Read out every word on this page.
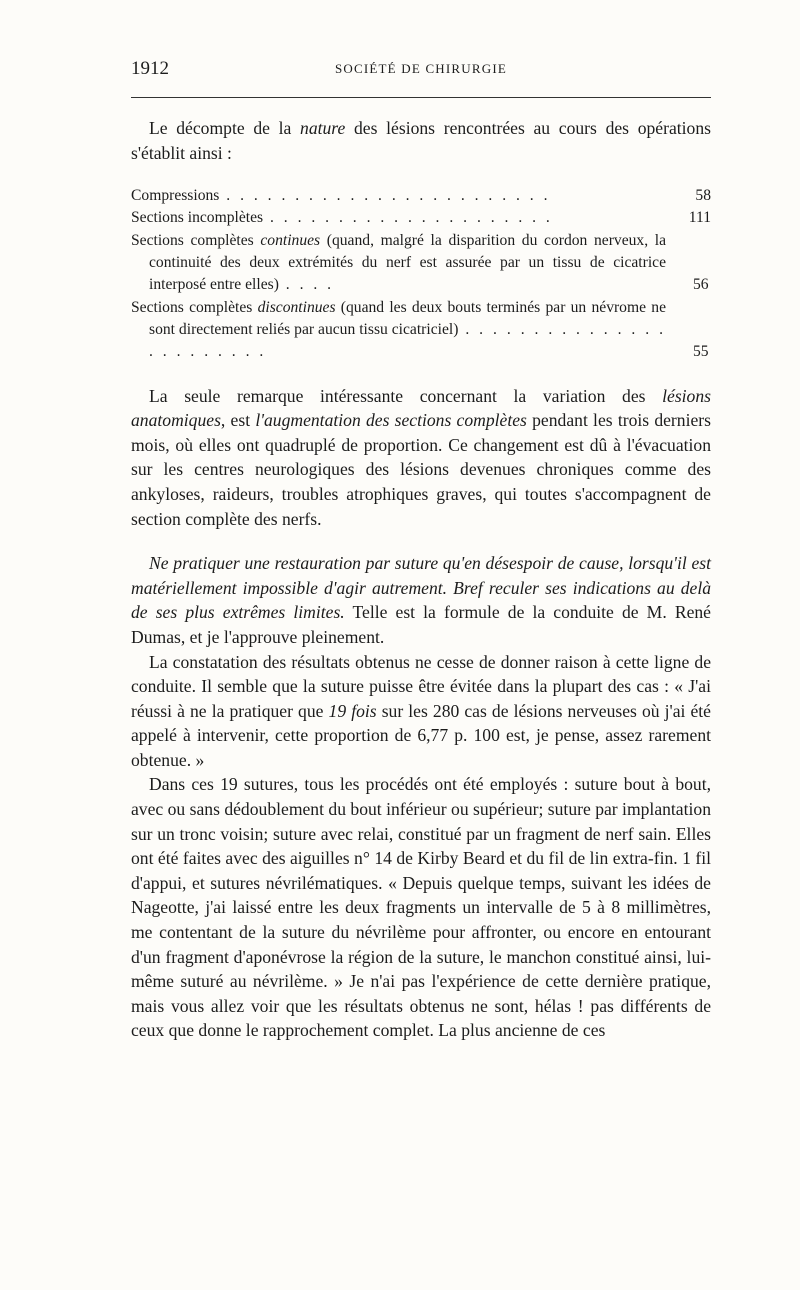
1912	SOCIÉTÉ DE CHIRURGIE

Le décompte de la nature des lésions rencontrées au cours des opérations s'établit ainsi :

Compressions . . . . . . . . . . . . . . . . . . . . . . . .	58
Sections incomplètes . . . . . . . . . . . . . . . . . . . . .	111
Sections complètes continues (quand, malgré la disparition du cordon nerveux, la continuité des deux extrémités du nerf est assurée par un tissu de cicatrice interposé entre elles) . . . .	56
Sections complètes discontinues (quand les deux bouts terminés par un névrome ne sont directement reliés par aucun tissu cicatriciel) . . . . . . . . . . . . . . . . . . . . . . . .	55

La seule remarque intéressante concernant la variation des lésions anatomiques, est l'augmentation des sections complètes pendant les trois derniers mois, où elles ont quadruplé de proportion. Ce changement est dû à l'évacuation sur les centres neurologiques des lésions devenues chroniques comme des ankyloses, raideurs, troubles atrophiques graves, qui toutes s'accompagnent de section complète des nerfs.

Ne pratiquer une restauration par suture qu'en désespoir de cause, lorsqu'il est matériellement impossible d'agir autrement. Bref reculer ses indications au delà de ses plus extrêmes limites. Telle est la formule de la conduite de M. René Dumas, et je l'approuve pleinement.

La constatation des résultats obtenus ne cesse de donner raison à cette ligne de conduite. Il semble que la suture puisse être évitée dans la plupart des cas : « J'ai réussi à ne la pratiquer que 19 fois sur les 280 cas de lésions nerveuses où j'ai été appelé à intervenir, cette proportion de 6,77 p. 100 est, je pense, assez rarement obtenue. »

Dans ces 19 sutures, tous les procédés ont été employés : suture bout à bout, avec ou sans dédoublement du bout inférieur ou supérieur; suture par implantation sur un tronc voisin; suture avec relai, constitué par un fragment de nerf sain. Elles ont été faites avec des aiguilles n° 14 de Kirby Beard et du fil de lin extra-fin. 1 fil d'appui, et sutures névrilématiques. « Depuis quelque temps, suivant les idées de Nageotte, j'ai laissé entre les deux fragments un intervalle de 5 à 8 millimètres, me contentant de la suture du névrilème pour affronter, ou encore en entourant d'un fragment d'aponévrose la région de la suture, le manchon constitué ainsi, lui-même suturé au névrilème. » Je n'ai pas l'expérience de cette dernière pratique, mais vous allez voir que les résultats obtenus ne sont, hélas ! pas différents de ceux que donne le rapprochement complet. La plus ancienne de ces
